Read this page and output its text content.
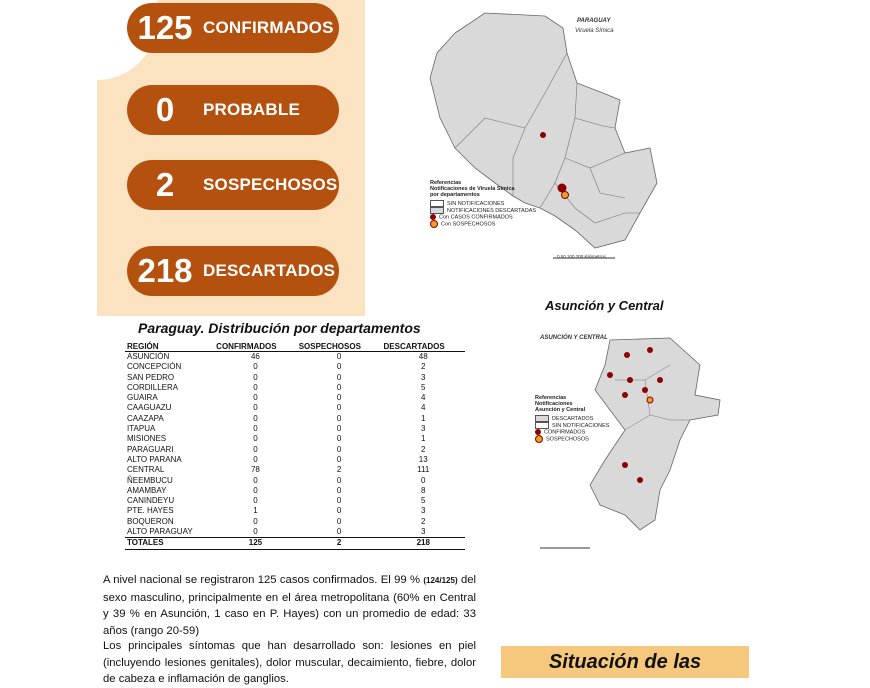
125 CONFIRMADOS
0	PROBABLE
2	SOSPECHOSOS
218 DESCARTADOS
PARAGUAY
Viruela Símica
0 50 100 200 Kilómetros
Referencias
Notificaciones de Viruela Símica
por departamentos
SIN NOTIFICACIONES
NOTIFICACIONES DESCARTADAS
Con CASOS CONFIRMADOS
Con SOSPECHOSOS
Asunción y Central
ASUNCIÓN Y CENTRAL
Referencias
Notificaciones
Asunción y Central
DESCARTADOS
SIN NOTIFICACIONES
CONFIRMADOS
SOSPECHOSOS
Paraguay. Distribución por departamentos
REGIÓN	CONFIRMADOS	SOSPECHOSOS	DESCARTADOS
ASUNCIÓN	46	0	48
CONCEPCIÓN	0	0	2
SAN PEDRO	0	0	3
CORDILLERA	0	0	5
GUAIRA	0	0	4
CAAGUAZU	0	0	4
CAAZAPA	0	0	1
ITAPUA	0	0	3
MISIONES	0	0	1
PARAGUARI	0	0	2
ALTO PARANA	0	0	13
CENTRAL	78	2	111
ÑEEMBUCU	0	0	0
AMAMBAY	0	0	8
CANINDEYU	0	0	5
PTE. HAYES	1	0	3
BOQUERON	0	0	2
ALTO PARAGUAY	0	0	3
TOTALES	125	2	218
A nivel nacional se registraron 125 casos confirmados. El 99 % (124/125) del sexo masculino, principalmente en el área metropolitana (60% en Central y 39 % en Asunción, 1 caso en P. Hayes) con un promedio de edad: 33 años (rango 20-59)
Los principales síntomas que han desarrollado son: lesiones en piel (incluyendo lesiones genitales), dolor muscular, decaimiento, fiebre, dolor de cabeza e inflamación de ganglios.
Situación de las
